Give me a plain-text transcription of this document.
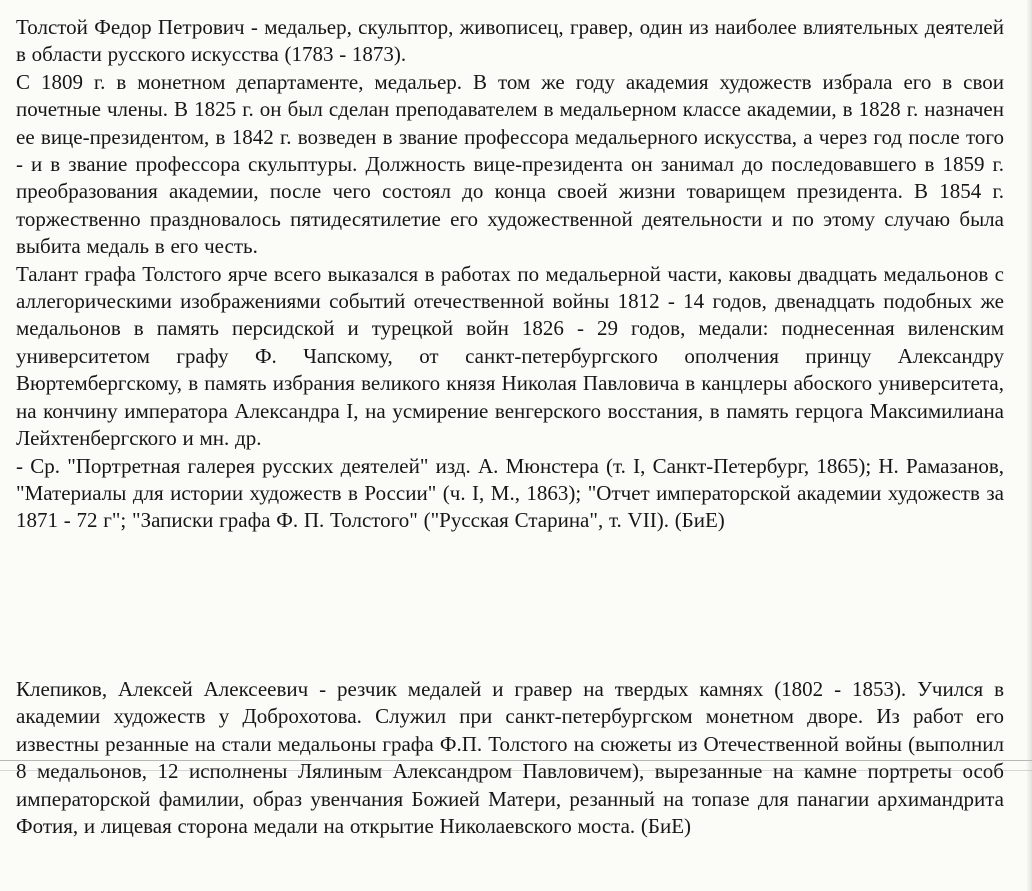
Толстой Федор Петрович - медальер, скульптор, живописец, гравер, один из наиболее влиятельных деятелей в области русского искусства (1783 - 1873).

С 1809 г. в монетном департаменте, медальер. В том же году академия художеств избрала его в свои почетные члены. В 1825 г. он был сделан преподавателем в медальерном классе академии, в 1828 г. назначен ее вице-президентом, в 1842 г. возведен в звание профессора медальерного искусства, а через год после того - и в звание профессора скульптуры. Должность вице-президента он занимал до последовавшего в 1859 г. преобразования академии, после чего состоял до конца своей жизни товарищем президента. В 1854 г. торжественно праздновалось пятидесятилетие его художественной деятельности и по этому случаю была выбита медаль в его честь.

Талант графа Толстого ярче всего выказался в работах по медальерной части, каковы двадцать медальонов с аллегорическими изображениями событий отечественной войны 1812 - 14 годов, двенадцать подобных же медальонов в память персидской и турецкой войн 1826 - 29 годов, медали: поднесенная виленским университетом графу Ф. Чапскому, от санкт-петербургского ополчения принцу Александру Вюртембергскому, в память избрания великого князя Николая Павловича в канцлеры абоского университета, на кончину императора Александра I, на усмирение венгерского восстания, в память герцога Максимилиана Лейхтенбергского и мн. др.

- Ср. "Портретная галерея русских деятелей" изд. А. Мюнстера (т. I, Санкт-Петербург, 1865); Н. Рамазанов, "Материалы для истории художеств в России" (ч. I, М., 1863); "Отчет императорской академии художеств за 1871 - 72 г"; "Записки графа Ф. П. Толстого" ("Русская Старина", т. VII). (БиЕ)

Клепиков, Алексей Алексеевич - резчик медалей и гравер на твердых камнях (1802 - 1853). Учился в академии художеств у Доброхотова. Служил при санкт-петербургском монетном дворе. Из работ его известны резанные на стали медальоны графа Ф.П. Толстого на сюжеты из Отечественной войны (выполнил 8 медальонов, 12 исполнены Лялиным Александром Павловичем), вырезанные на камне портреты особ императорской фамилии, образ увенчания Божией Матери, резанный на топазе для панагии архимандрита Фотия, и лицевая сторона медали на открытие Николаевского моста. (БиЕ)
